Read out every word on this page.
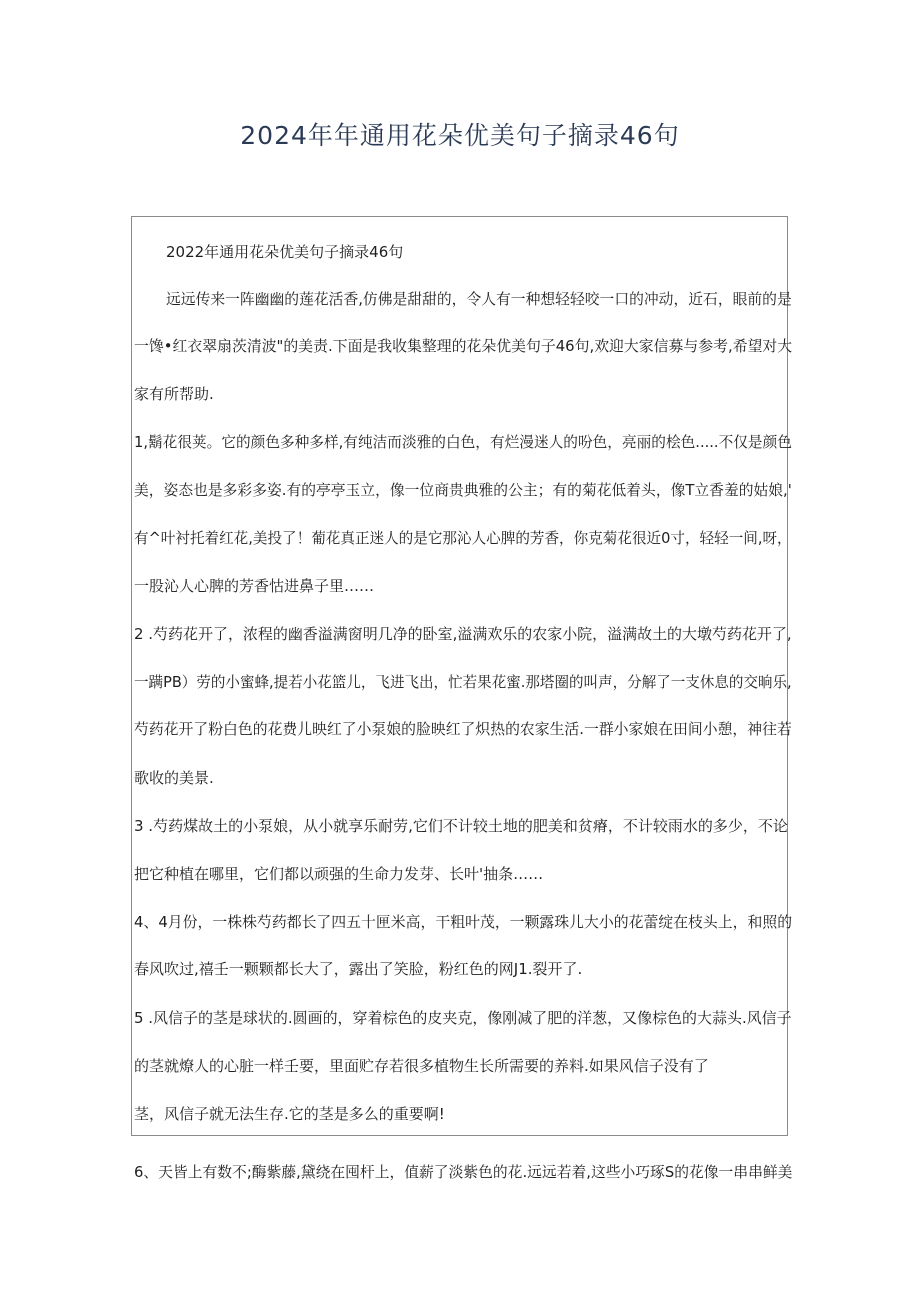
2024年年通用花朵优美句子摘录46句
2022年通用花朵优美句子摘录46句
远远传来一阵幽幽的莲花活香,仿佛是甜甜的，令人有一种想轻轻咬一口的冲动，近石，眼前的是
一馋•红衣翠扇茨清波"的美责.下面是我收集整理的花朵优美句子46句,欢迎大家信募与参考,希望对大
家有所帮助.
1,鬍花很荚。它的颜色多种多样,有纯洁而淡雅的白色，有烂漫迷人的吩色，亮丽的桧色.....不仅是颜色
美，姿态也是多彩多姿.有的亭亭玉立，像一位商贵典雅的公主；有的菊花低着头，像T立香羞的姑娘,'
有^叶衬托着红花,美投了！葡花真正迷人的是它那沁人心脾的芳香，你克菊花很近0寸，轻轻一间,呀，
一股沁人心脾的芳香怙进鼻子里……
2 .芍药花开了，浓程的幽香溢满窗明几净的卧室,溢满欢乐的农家小院，溢满故土的大墩芍药花开了,
一蹒PB）劳的小蜜蜂,提若小花篮儿，飞进飞出，忙若果花蜜.那塔圈的叫声，分解了一支休息的交晌乐,
芍药花开了粉白色的花费儿映红了小泵娘的脸映红了炽热的农家生活.一群小家娘在田间小憩，神往若
歌收的美景.
3 .芍药煤故土的小泵娘，从小就享乐耐劳,它们不计较土地的肥美和贫瘠，不计较雨水的多少，不论
把它种植在哪里，它们都以顽强的生命力发芽、长叶'抽条……
4、4月份，一株株芍药都长了四五十匣米高，干粗叶茂，一颗露珠儿大小的花蕾绽在枝头上，和照的
春风吹过,禧壬一颗颗都长大了，露出了笑脸，粉红色的网J1.裂开了.
5 .风信子的茎是球状的.圆画的，穿着棕色的皮夹克，像刚减了肥的洋葱，又像棕色的大蒜头.风信子
的茎就燎人的心脏一样壬要，里面贮存若很多植物生长所需要的养料.如果风信子没有了
茎，风信子就无法生存.它的茎是多么的重要啊!
6、天皆上有数不;酶紫藤,黛绕在囤杆上，值薪了淡紫色的花.远远若着,这些小巧琢S的花像一串串鲜美
